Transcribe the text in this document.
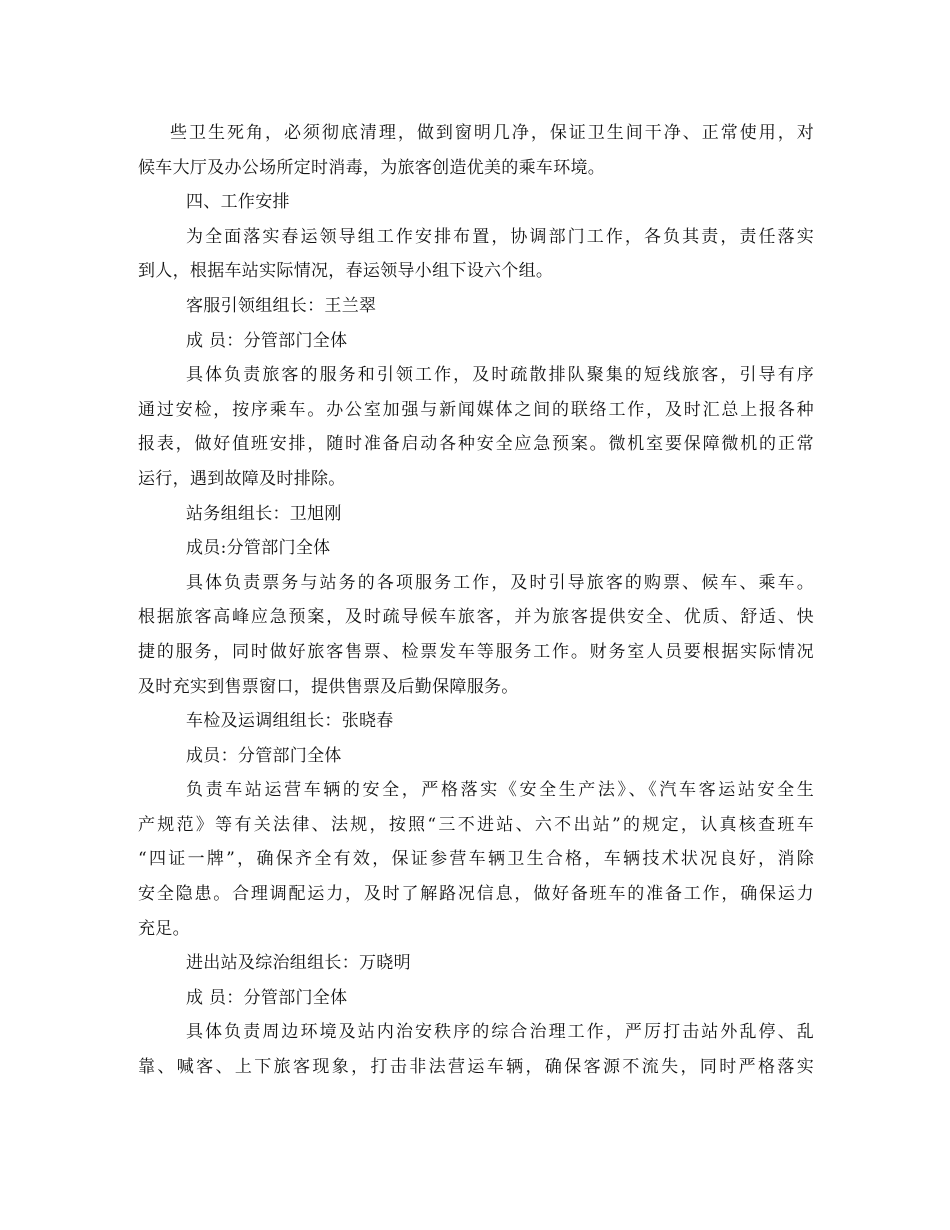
些卫生死角，必须彻底清理，做到窗明几净，保证卫生间干净、正常使用，对
候车大厅及办公场所定时消毒，为旅客创造优美的乘车环境。
四、工作安排
为全面落实春运领导组工作安排布置，协调部门工作，各负其责，责任落实
到人，根据车站实际情况，春运领导小组下设六个组。
客服引领组组长：王兰翠
成 员：分管部门全体
具体负责旅客的服务和引领工作，及时疏散排队聚集的短线旅客，引导有序
通过安检，按序乘车。办公室加强与新闻媒体之间的联络工作，及时汇总上报各种
报表，做好值班安排，随时准备启动各种安全应急预案。微机室要保障微机的正常
运行，遇到故障及时排除。
站务组组长：卫旭刚
成员:分管部门全体
具体负责票务与站务的各项服务工作，及时引导旅客的购票、候车、乘车。
根据旅客高峰应急预案，及时疏导候车旅客，并为旅客提供安全、优质、舒适、快
捷的服务，同时做好旅客售票、检票发车等服务工作。财务室人员要根据实际情况
及时充实到售票窗口，提供售票及后勤保障服务。
车检及运调组组长：张晓春
成员：分管部门全体
负责车站运营车辆的安全，严格落实《安全生产法》、《汽车客运站安全生
产规范》等有关法律、法规，按照“三不进站、六不出站”的规定，认真核查班车
“四证一牌”，确保齐全有效，保证参营车辆卫生合格，车辆技术状况良好，消除
安全隐患。合理调配运力，及时了解路况信息，做好备班车的准备工作，确保运力
充足。
进出站及综治组组长：万晓明
成 员：分管部门全体
具体负责周边环境及站内治安秩序的综合治理工作，严厉打击站外乱停、乱
靠、喊客、上下旅客现象，打击非法营运车辆，确保客源不流失，同时严格落实
